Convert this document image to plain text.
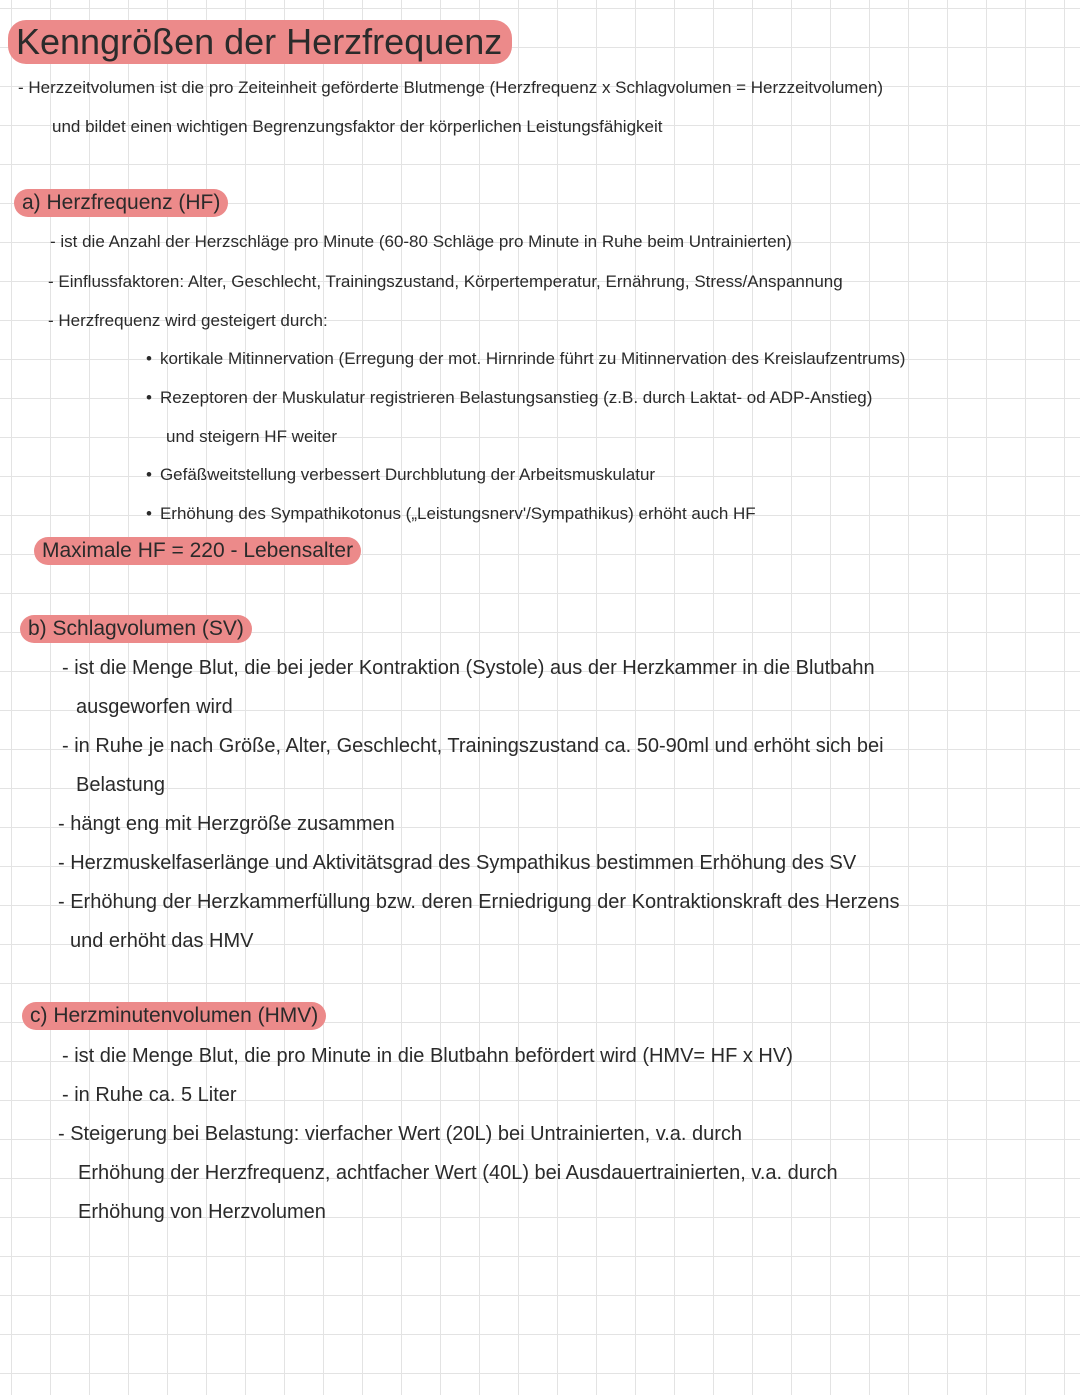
Kenngrößen der Herzfrequenz
- Herzzeitvolumen ist die pro Zeiteinheit geförderte Blutmenge (Herzfrequenz x Schlagvolumen = Herzzeitvolumen)
und bildet einen wichtigen Begrenzungsfaktor der körperlichen Leistungsfähigkeit
a) Herzfrequenz (HF)
- ist die Anzahl der Herzschläge pro Minute (60-80 Schläge pro Minute in Ruhe beim Untrainierten)
- Einflussfaktoren: Alter, Geschlecht, Trainingszustand, Körpertemperatur, Ernährung, Stress/Anspannung
- Herzfrequenz wird gesteigert durch:
• kortikale Mitinnervation (Erregung der mot. Hirnrinde führt zu Mitinnervation des Kreislaufzentrums)
• Rezeptoren der Muskulatur registrieren Belastungsanstieg (z.B. durch Laktat- od ADP-Anstieg)
und steigern HF weiter
• Gefäßweitstellung verbessert Durchblutung der Arbeitsmuskulatur
• Erhöhung des Sympathikotonus („Leistungsnerv'/Sympathikus) erhöht auch HF
Maximale HF = 220 - Lebensalter
b) Schlagvolumen (SV)
- ist die Menge Blut, die bei jeder Kontraktion (Systole) aus der Herzkammer in die Blutbahn
ausgeworfen wird
- in Ruhe je nach Größe, Alter, Geschlecht, Trainingszustand ca. 50-90ml und erhöht sich bei
Belastung
- hängt eng mit Herzgröße zusammen
- Herzmuskelfaserlänge und Aktivitätsgrad des Sympathikus bestimmen Erhöhung des SV
- Erhöhung der Herzkammerfüllung bzw. deren Erniedrigung der Kontraktionskraft des Herzens
und erhöht das HMV
c) Herzminutenvolumen (HMV)
- ist die Menge Blut, die pro Minute in die Blutbahn befördert wird (HMV= HF x HV)
- in Ruhe ca. 5 Liter
- Steigerung bei Belastung: vierfacher Wert (20L) bei Untrainierten, v.a. durch
Erhöhung der Herzfrequenz, achtfacher Wert (40L) bei Ausdauertrainierten, v.a. durch
Erhöhung von Herzvolumen
